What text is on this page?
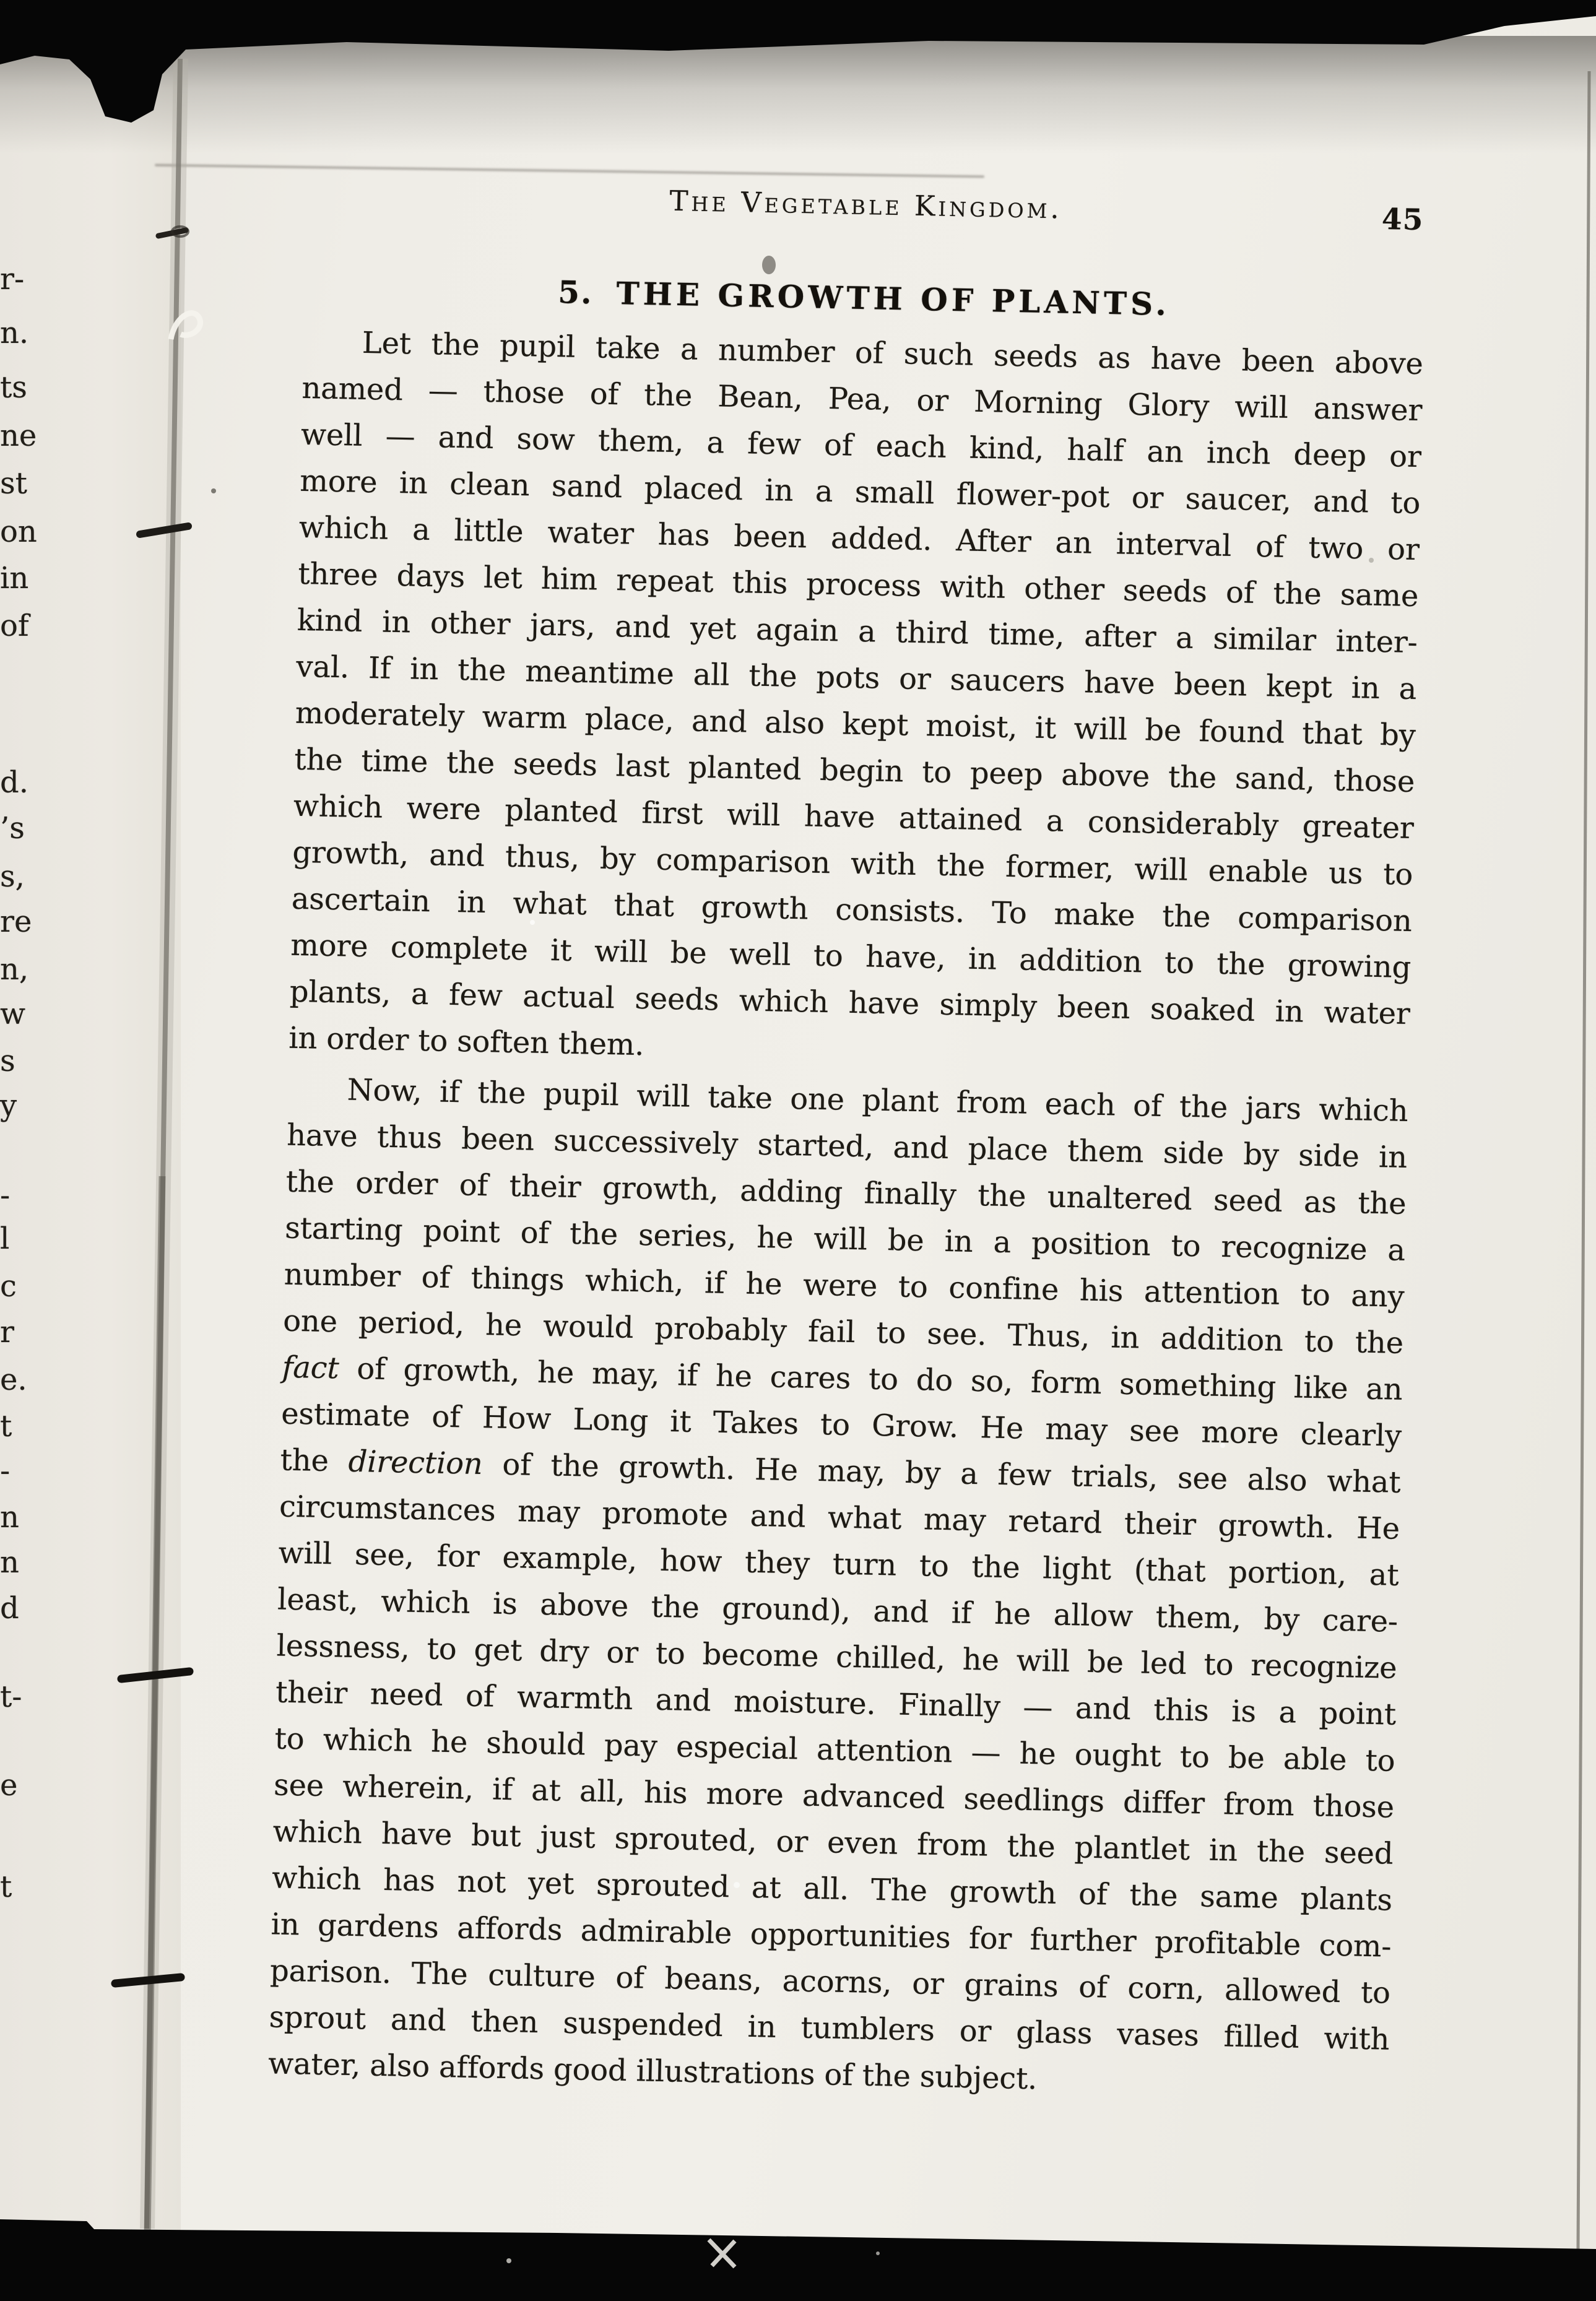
r-
n.
ts
ne
st
on
in
of
d.
’s
s,
re
n,
w
s
y
-
l
c
r
e.
t
-
n
n
d
t-
e
t
The Vegetable Kingdom.	45
5. THE GROWTH OF PLANTS.
Let the pupil take a number of such seeds as have been above
named — those of the Bean, Pea, or Morning Glory will answer
well — and sow them, a few of each kind, half an inch deep or
more in clean sand placed in a small flower-pot or saucer, and to
which a little water has been added. After an interval of two or
three days let him repeat this process with other seeds of the same
kind in other jars, and yet again a third time, after a similar inter-
val. If in the meantime all the pots or saucers have been kept in a
moderately warm place, and also kept moist, it will be found that by
the time the seeds last planted begin to peep above the sand, those
which were planted first will have attained a considerably greater
growth, and thus, by comparison with the former, will enable us to
ascertain in what that growth consists. To make the comparison
more complete it will be well to have, in addition to the growing
plants, a few actual seeds which have simply been soaked in water
in order to soften them.
Now, if the pupil will take one plant from each of the jars which
have thus been successively started, and place them side by side in
the order of their growth, adding finally the unaltered seed as the
starting point of the series, he will be in a position to recognize a
number of things which, if he were to confine his attention to any
one period, he would probably fail to see. Thus, in addition to the
fact of growth, he may, if he cares to do so, form something like an
estimate of How Long it Takes to Grow. He may see more clearly
the direction of the growth. He may, by a few trials, see also what
circumstances may promote and what may retard their growth. He
will see, for example, how they turn to the light (that portion, at
least, which is above the ground), and if he allow them, by care-
lessness, to get dry or to become chilled, he will be led to recognize
their need of warmth and moisture. Finally — and this is a point
to which he should pay especial attention — he ought to be able to
see wherein, if at all, his more advanced seedlings differ from those
which have but just sprouted, or even from the plantlet in the seed
which has not yet sprouted at all. The growth of the same plants
in gardens affords admirable opportunities for further profitable com-
parison. The culture of beans, acorns, or grains of corn, allowed to
sprout and then suspended in tumblers or glass vases filled with
water, also affords good illustrations of the subject.
